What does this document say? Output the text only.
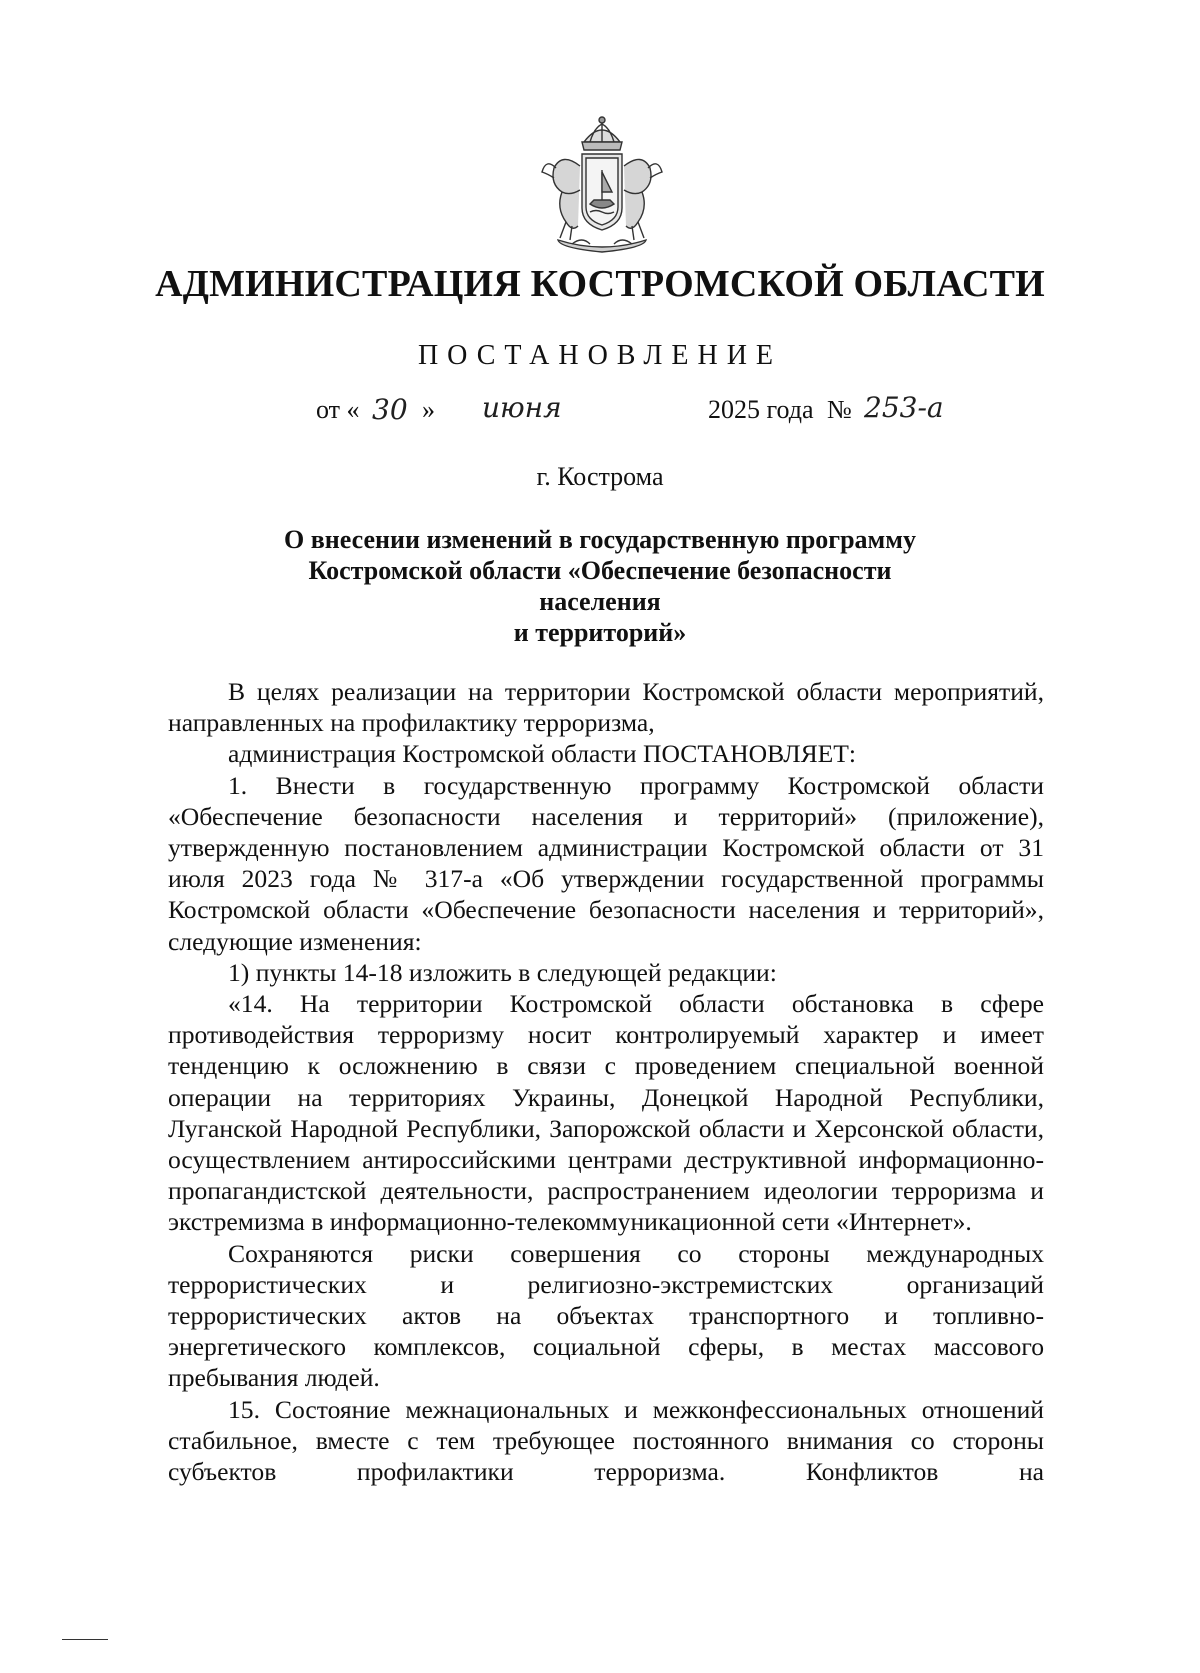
АДМИНИСТРАЦИЯ КОСТРОМСКОЙ ОБЛАСТИ
ПОСТАНОВЛЕНИЕ
от « 30 » июня	2025 года № 253-а
г. Кострома
О внесении изменений в государственную программу
Костромской области «Обеспечение безопасности населения
и территорий»

В целях реализации на территории Костромской области мероприятий, направленных на профилактику терроризма,

администрация Костромской области ПОСТАНОВЛЯЕТ:

1. Внести в государственную программу Костромской области «Обеспечение безопасности населения и территорий» (приложение), утвержденную постановлением администрации Костромской области от 31 июля 2023 года № 317-а «Об утверждении государственной программы Костромской области «Обеспечение безопасности населения и территорий», следующие изменения:

1) пункты 14-18 изложить в следующей редакции:

«14. На территории Костромской области обстановка в сфере противодействия терроризму носит контролируемый характер и имеет тенденцию к осложнению в связи с проведением специальной военной операции на территориях Украины, Донецкой Народной Республики, Луганской Народной Республики, Запорожской области и Херсонской области, осуществлением антироссийскими центрами деструктивной информационно-пропагандистской деятельности, распространением идеологии терроризма и экстремизма в информационно-телекоммуникационной сети «Интернет».

Сохраняются риски совершения со стороны международных террористических и религиозно-экстремистских организаций террористических актов на объектах транспортного и топливно-энергетического комплексов, социальной сферы, в местах массового пребывания людей.

15. Состояние межнациональных и межконфессиональных отношений стабильное, вместе с тем требующее постоянного внимания со стороны субъектов профилактики терроризма. Конфликтов на
